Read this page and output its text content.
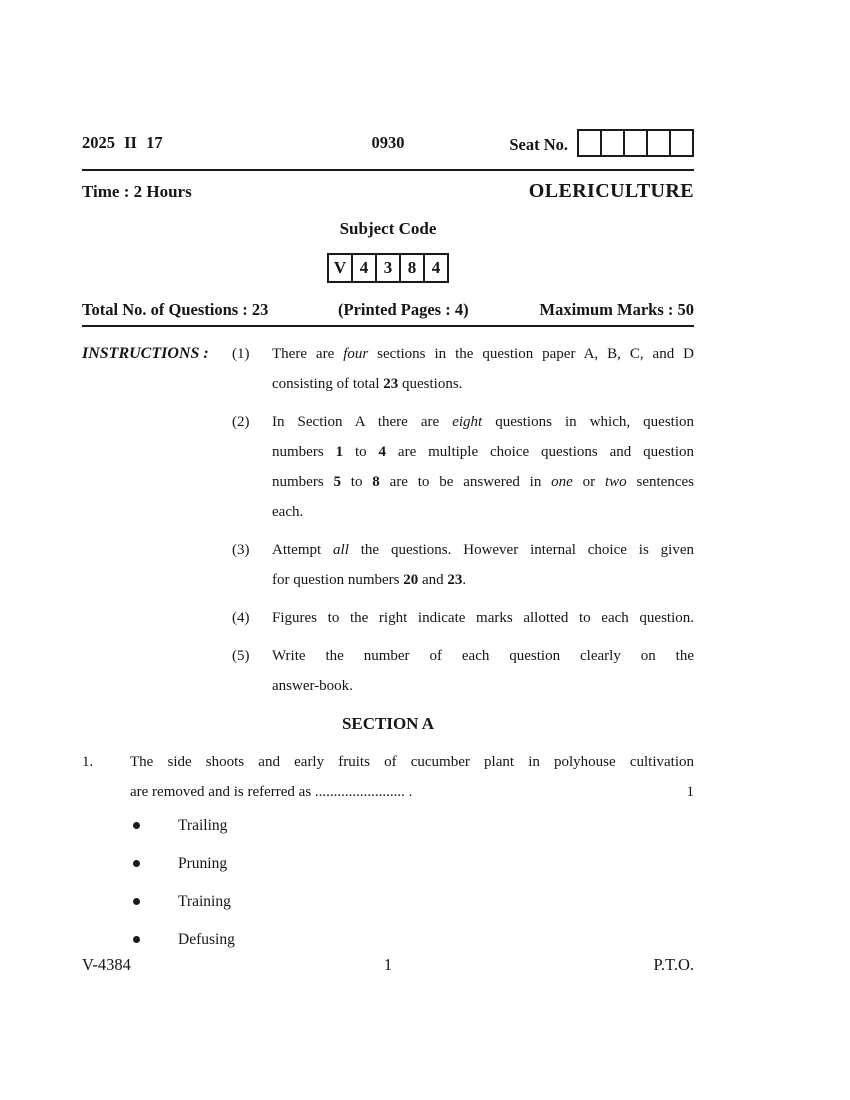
2025 II 17	0930	Seat No.
Time : 2 Hours	OLERICULTURE
Subject Code
V 4 3 8 4
Total No. of Questions : 23	(Printed Pages : 4)	Maximum Marks : 50
INSTRUCTIONS :	(1)	There are four sections in the question paper A, B, C, and D
consisting of total 23 questions.
(2)	In Section A there are eight questions in which, question
numbers 1 to 4 are multiple choice questions and question
numbers 5 to 8 are to be answered in one or two sentences
each.
(3)	Attempt all the questions. However internal choice is given
for question numbers 20 and 23.
(4)	Figures to the right indicate marks allotted to each question.
(5)	Write the number of each question clearly on the
answer-book.
SECTION A
1.	The side shoots and early fruits of cucumber plant in polyhouse cultivation
are removed and is referred as ........................ .	1
Trailing
Pruning
Training
Defusing
V-4384	1	P.T.O.
